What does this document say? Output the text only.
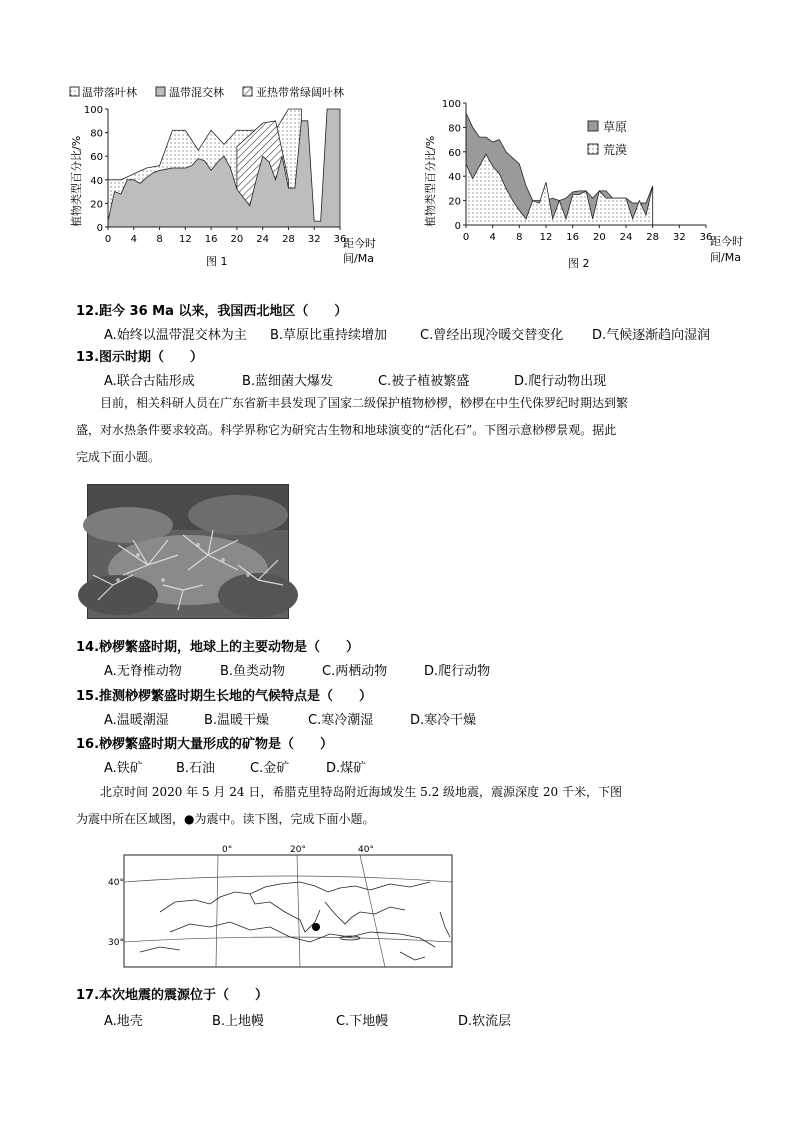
温带落叶林	温带混交林	亚热带常绿阔叶林
0
20
40
60
80
100
0 4 8 12 16 20 24 28 32 36
距今时
间/Ma
图 1
植物类型百分比/%	0
20
40
60
80
100
0 4 8 12 16 20 24 28 32 36
草原
荒漠
距今时
间/Ma
图 2
植物类型百分比/%
12.距今 36 Ma 以来，我国西北地区（　　）
A.始终以温带混交林为主 B.草原比重持续增加	C.曾经出现冷暖交替变化 D.气候逐渐趋向湿润
13.图示时期（　　）
A.联合古陆形成	B.蓝细菌大爆发	C.被子植被繁盛	D.爬行动物出现
目前，相关科研人员在广东省新丰县发现了国家二级保护植物桫椤，桫椤在中生代侏罗纪时期达到繁
盛，对水热条件要求较高。科学界称它为研究古生物和地球演变的“活化石”。下图示意桫椤景观。据此
完成下面小题。
14.桫椤繁盛时期，地球上的主要动物是（　　）
A.无脊椎动物	B.鱼类动物	C.两栖动物	D.爬行动物
15.推测桫椤繁盛时期生长地的气候特点是（　　）
A.温暖潮湿	B.温暖干燥	C.寒冷潮湿	D.寒冷干燥
16.桫椤繁盛时期大量形成的矿物是（　　）
A.铁矿	B.石油	C.金矿	D.煤矿
北京时间 2020 年 5 月 24 日，希腊克里特岛附近海域发生 5.2 级地震，震源深度 20 千米，下图
为震中所在区域图，●为震中。读下图，完成下面小题。
0°	20°	40°
40°
30°
17.本次地震的震源位于（　　）
A.地壳	B.上地幔	C.下地幔	D.软流层
